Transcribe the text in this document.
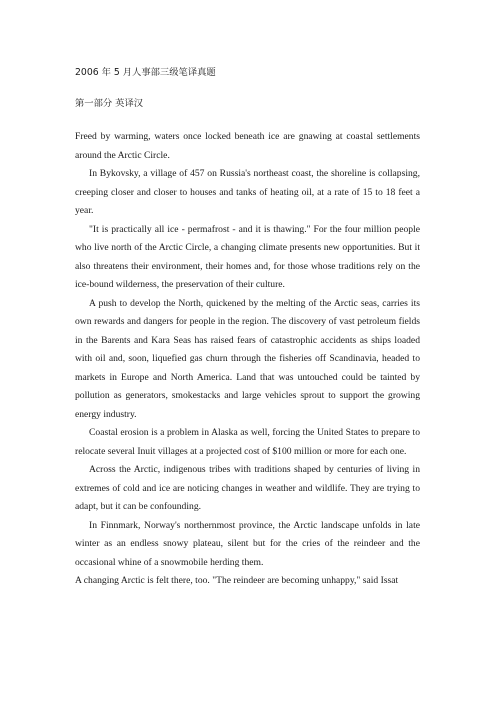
2006 年 5 月人事部三级笔译真题

第一部分 英译汉

Freed by warming, waters once locked beneath ice are gnawing at coastal settlements around the Arctic Circle.

In Bykovsky, a village of 457 on Russia's northeast coast, the shoreline is collapsing, creeping closer and closer to houses and tanks of heating oil, at a rate of 15 to 18 feet a year.

"It is practically all ice - permafrost - and it is thawing." For the four million people who live north of the Arctic Circle, a changing climate presents new opportunities. But it also threatens their environment, their homes and, for those whose traditions rely on the ice-bound wilderness, the preservation of their culture.

A push to develop the North, quickened by the melting of the Arctic seas, carries its own rewards and dangers for people in the region. The discovery of vast petroleum fields in the Barents and Kara Seas has raised fears of catastrophic accidents as ships loaded with oil and, soon, liquefied gas churn through the fisheries off Scandinavia, headed to markets in Europe and North America. Land that was untouched could be tainted by pollution as generators, smokestacks and large vehicles sprout to support the growing energy industry.

Coastal erosion is a problem in Alaska as well, forcing the United States to prepare to relocate several Inuit villages at a projected cost of $100 million or more for each one.

Across the Arctic, indigenous tribes with traditions shaped by centuries of living in extremes of cold and ice are noticing changes in weather and wildlife. They are trying to adapt, but it can be confounding.

In Finnmark, Norway's northernmost province, the Arctic landscape unfolds in late winter as an endless snowy plateau, silent but for the cries of the reindeer and the occasional whine of a snowmobile herding them.

A changing Arctic is felt there, too. "The reindeer are becoming unhappy," said Issat
